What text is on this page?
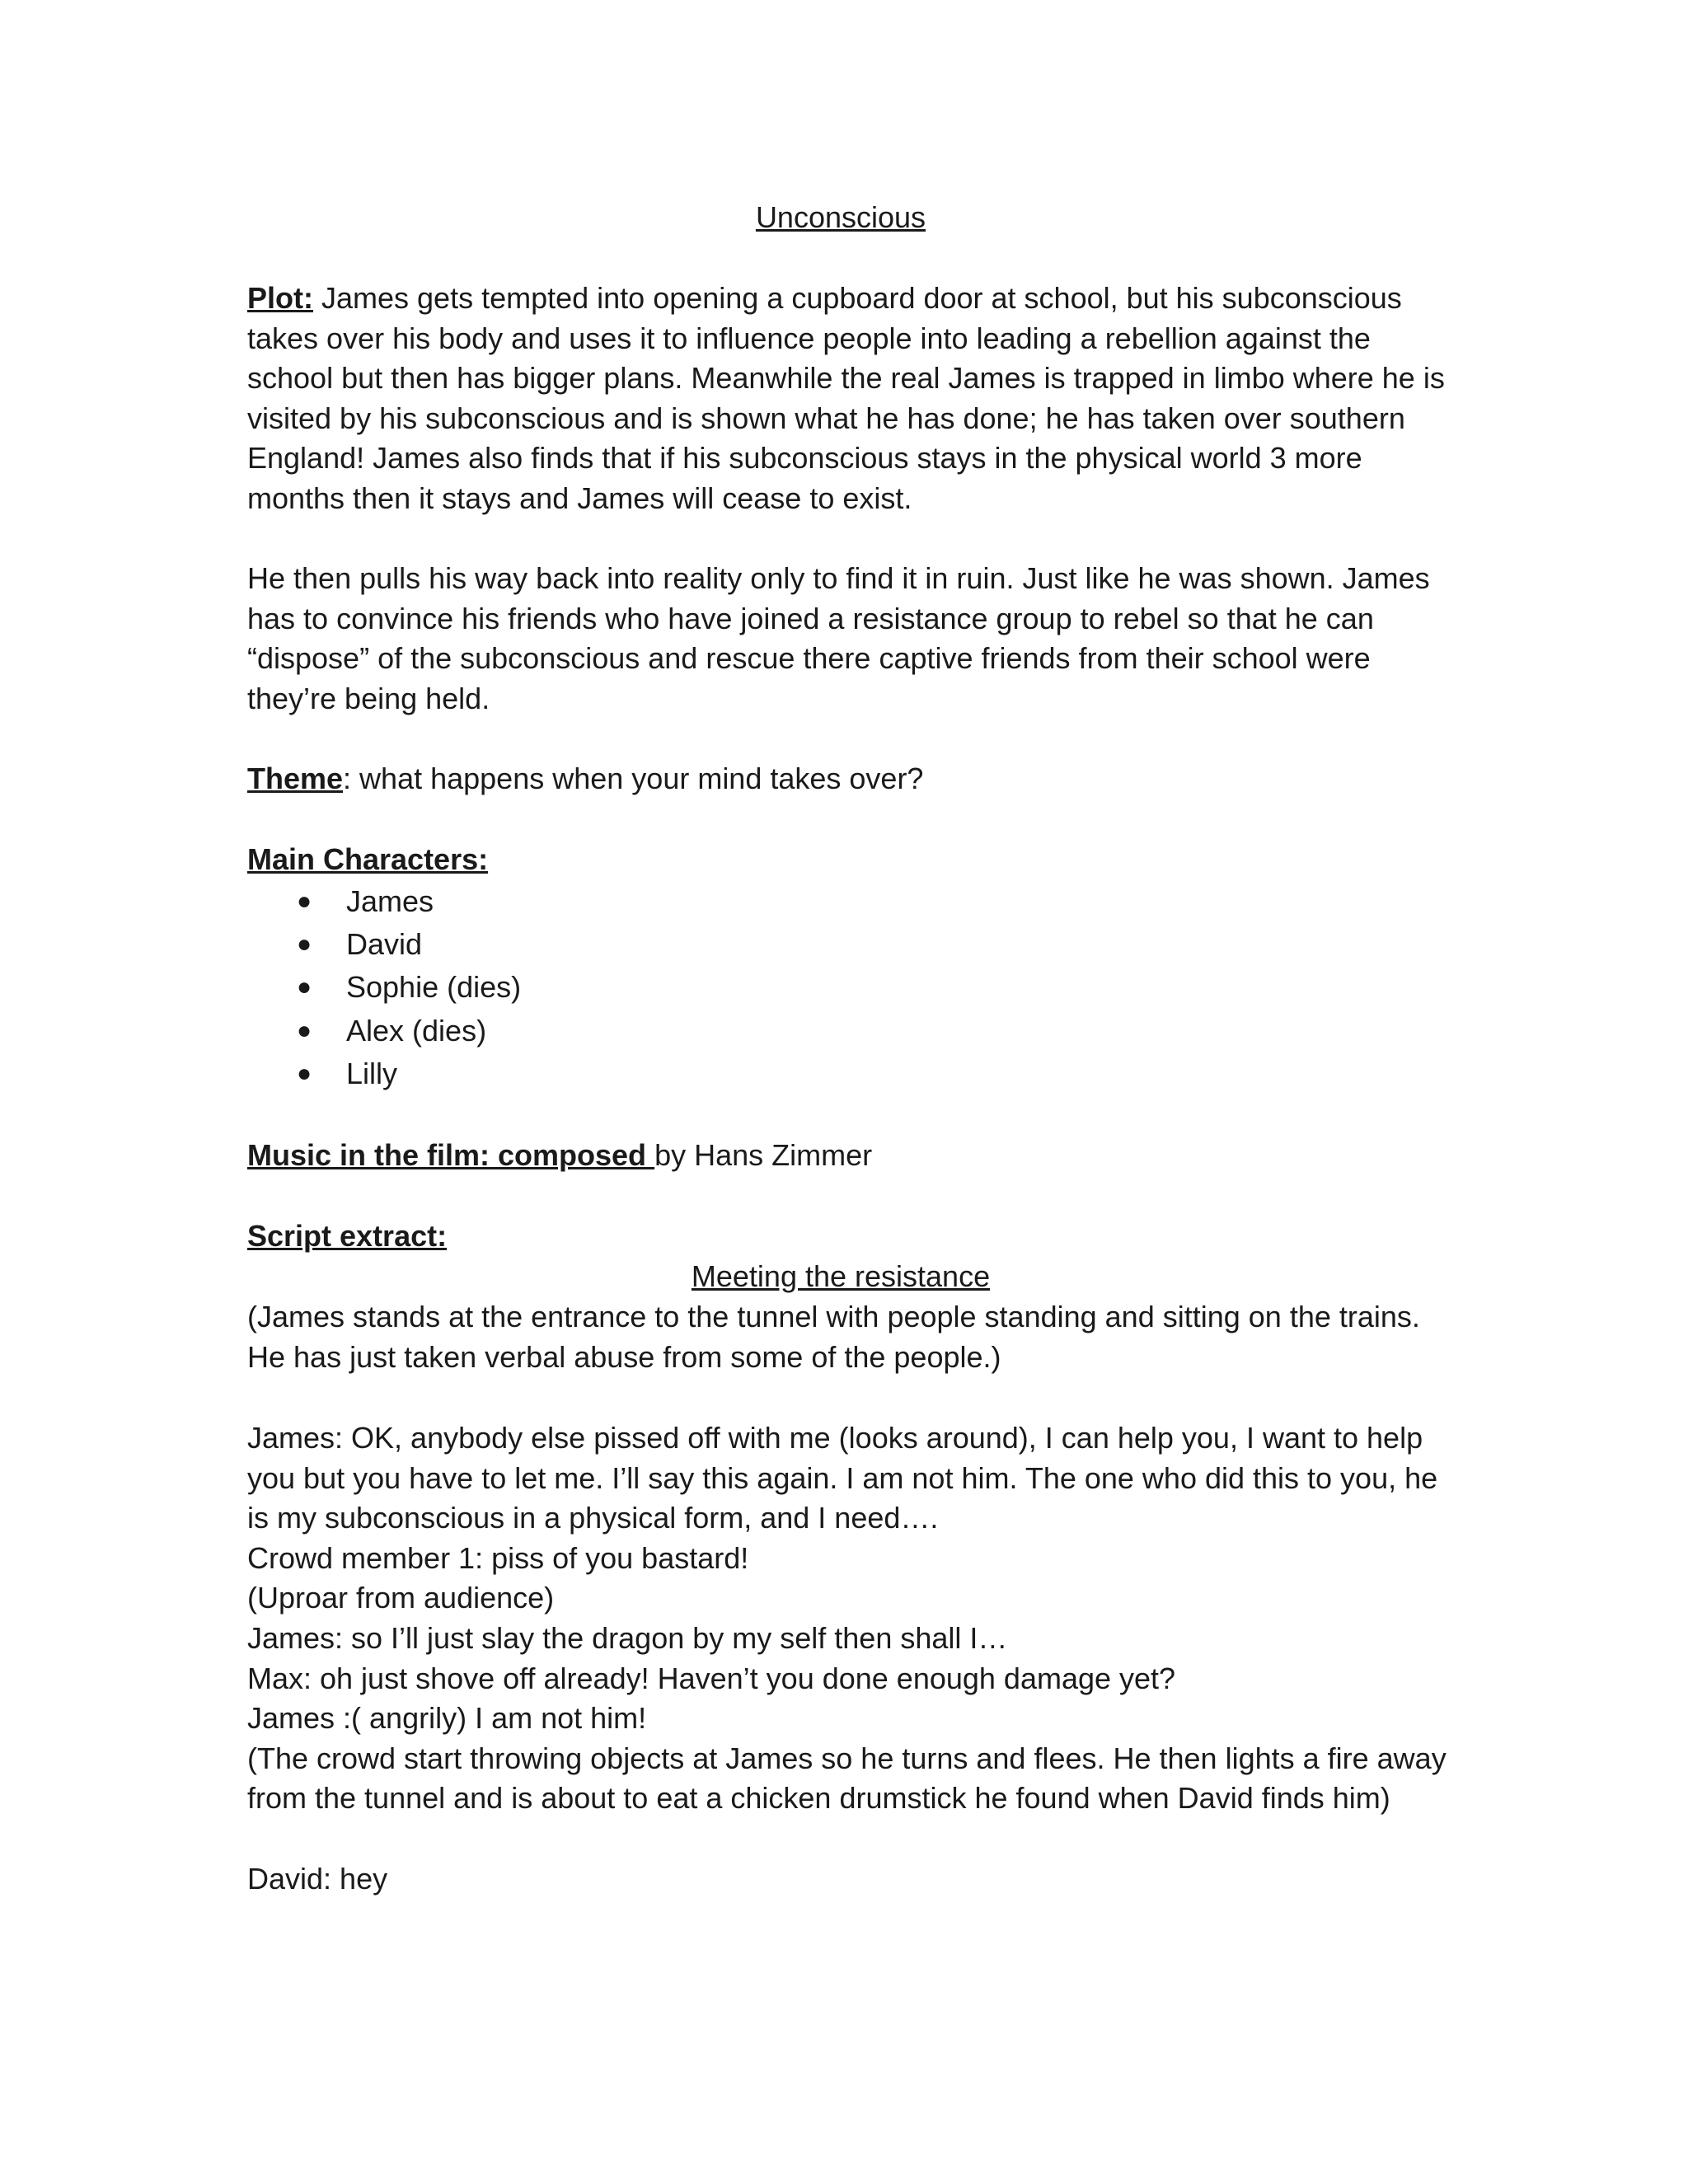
Unconscious
Plot: James gets tempted into opening a cupboard door at school, but his subconscious takes over his body and uses it to influence people into leading a rebellion against the school but then has bigger plans. Meanwhile the real James is trapped in limbo where he is visited by his subconscious and is shown what he has done; he has taken over southern England! James also finds that if his subconscious stays in the physical world 3 more months then it stays and James will cease to exist.
He then pulls his way back into reality only to find it in ruin. Just like he was shown. James has to convince his friends who have joined a resistance group to rebel so that he can “dispose” of the subconscious and rescue there captive friends from their school were they’re being held.
Theme: what happens when your mind takes over?
Main Characters:
● James
● David
● Sophie (dies)
● Alex (dies)
● Lilly
Music in the film: composed by Hans Zimmer
Script extract:
Meeting the resistance
(James stands at the entrance to the tunnel with people standing and sitting on the trains. He has just taken verbal abuse from some of the people.)
James: OK, anybody else pissed off with me (looks around), I can help you, I want to help you but you have to let me. I’ll say this again. I am not him. The one who did this to you, he is my subconscious in a physical form, and I need….
Crowd member 1: piss of you bastard!
(Uproar from audience)
James: so I’ll just slay the dragon by my self then shall I…
Max: oh just shove off already! Haven’t you done enough damage yet?
James :( angrily) I am not him!
(The crowd start throwing objects at James so he turns and flees. He then lights a fire away from the tunnel and is about to eat a chicken drumstick he found when David finds him)
David: hey
